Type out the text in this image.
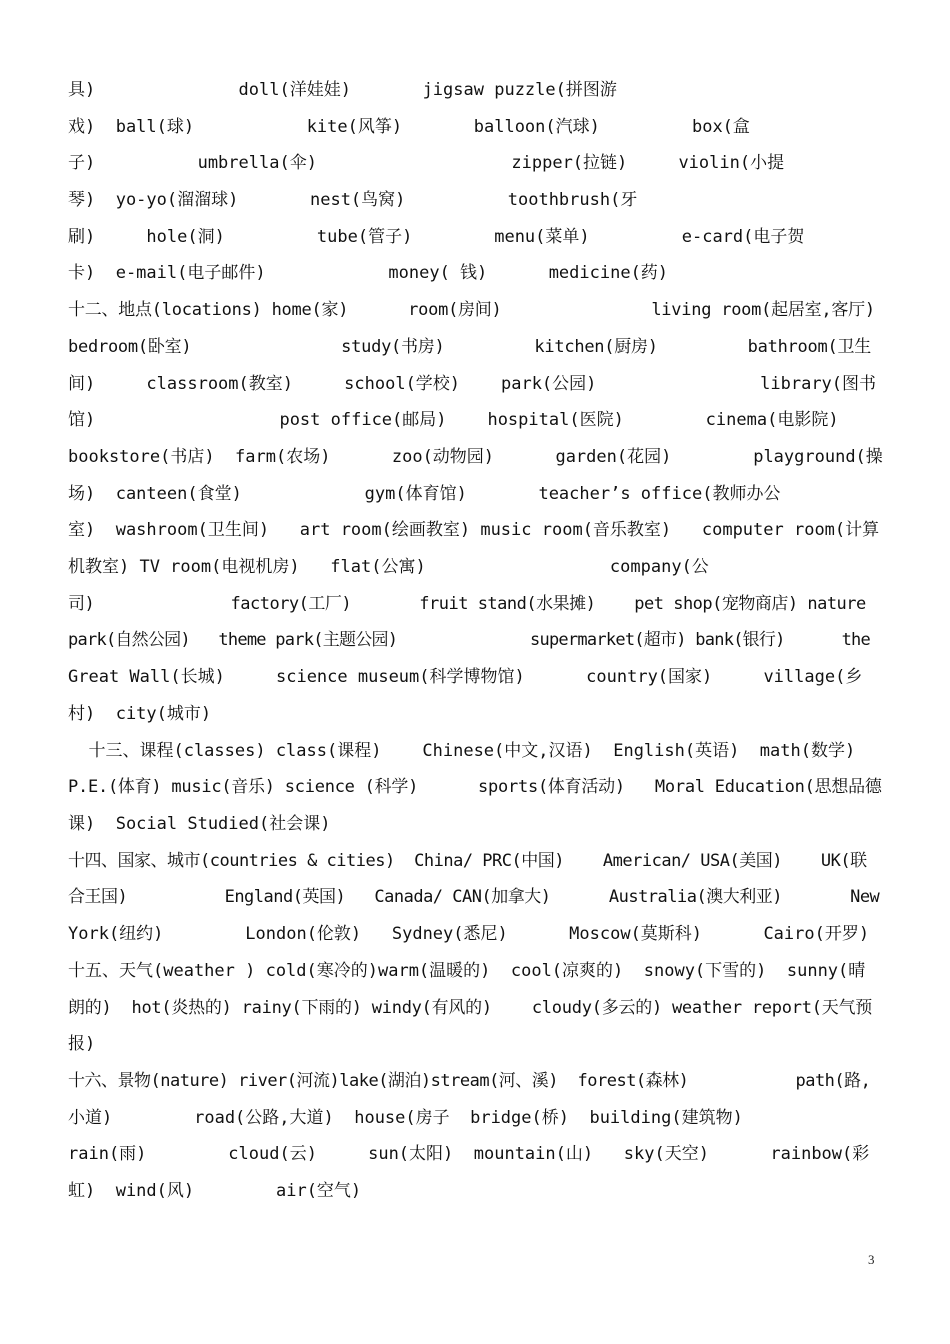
具)              doll(洋娃娃)       jigsaw puzzle(拼图游
戏)  ball(球)           kite(风筝)       balloon(汽球)         box(盒
子)          umbrella(伞)                   zipper(拉链)     violin(小提
琴)  yo-yo(溜溜球)       nest(鸟窝)          toothbrush(牙
刷)     hole(洞)         tube(管子)        menu(菜单)         e-card(电子贺
卡)  e-mail(电子邮件)            money( 钱)      medicine(药)
十二、地点(locations) home(家)      room(房间)               living room(起居室,客厅)
bedroom(卧室)               study(书房)         kitchen(厨房)         bathroom(卫生
间)     classroom(教室)     school(学校)    park(公园)                library(图书
馆)                  post office(邮局)    hospital(医院)        cinema(电影院)
bookstore(书店)  farm(农场)      zoo(动物园)      garden(花园)        playground(操
场)  canteen(食堂)            gym(体育馆)       teacher’s office(教师办公
室)  washroom(卫生间)   art room(绘画教室) music room(音乐教室)   computer room(计算
机教室) TV room(电视机房)   flat(公寓)                  company(公
司)              factory(工厂)       fruit stand(水果摊)    pet shop(宠物商店) nature
park(自然公园)   theme park(主题公园)              supermarket(超市) bank(银行)      the
Great Wall(长城)     science museum(科学博物馆)      country(国家)     village(乡
村)  city(城市)
十三、课程(classes) class(课程)    Chinese(中文,汉语)  English(英语)  math(数学)
P.E.(体育) music(音乐) science (科学)      sports(体育活动)   Moral Education(思想品德
课)  Social Studied(社会课)
十四、国家、城市(countries & cities)  China/ PRC(中国)    American/ USA(美国)    UK(联
合王国)          England(英国)   Canada/ CAN(加拿大)      Australia(澳大利亚)       New
York(纽约)        London(伦敦)   Sydney(悉尼)      Moscow(莫斯科)      Cairo(开罗)
十五、天气(weather ) cold(寒冷的)warm(温暖的)  cool(凉爽的)  snowy(下雪的)  sunny(晴
朗的)  hot(炎热的) rainy(下雨的) windy(有风的)    cloudy(多云的) weather report(天气预
报)
十六、景物(nature) river(河流)lake(湖泊)stream(河、溪)  forest(森林)           path(路,
小道)        road(公路,大道)  house(房子  bridge(桥)  building(建筑物)
rain(雨)        cloud(云)     sun(太阳)  mountain(山)   sky(天空)      rainbow(彩
虹)  wind(风)        air(空气)
3
